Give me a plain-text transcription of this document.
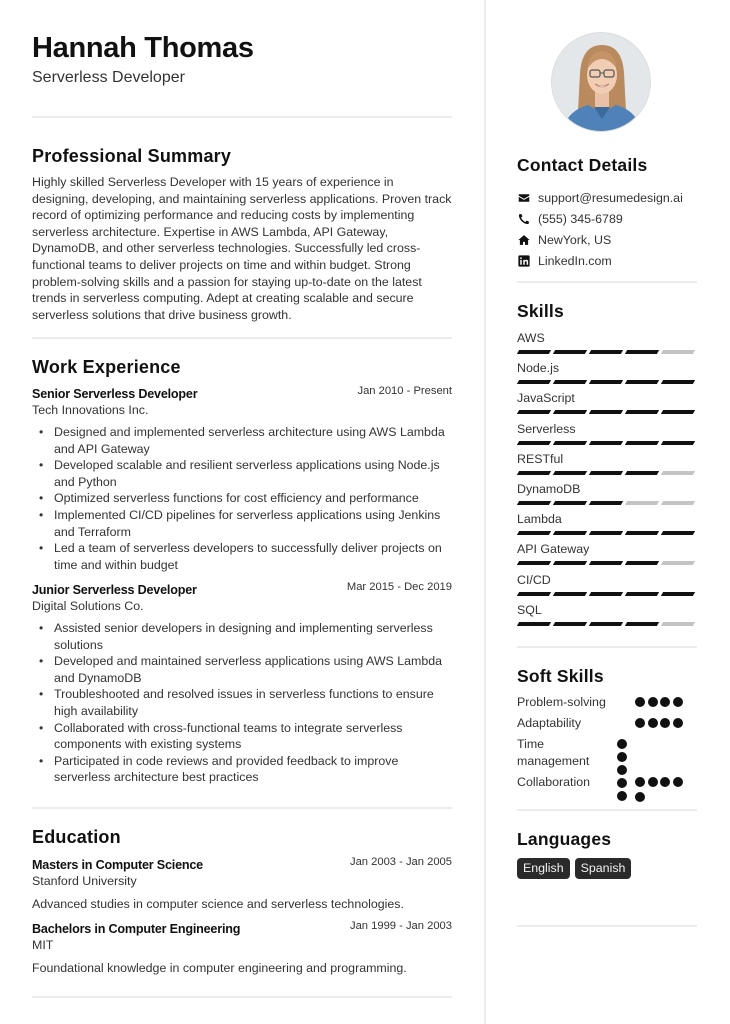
Hannah Thomas
Serverless Developer
Professional Summary
Highly skilled Serverless Developer with 15 years of experience in designing, developing, and maintaining serverless applications. Proven track record of optimizing performance and reducing costs by implementing serverless architecture. Expertise in AWS Lambda, API Gateway, DynamoDB, and other serverless technologies. Successfully led cross-functional teams to deliver projects on time and within budget. Strong problem-solving skills and a passion for staying up-to-date on the latest trends in serverless computing. Adept at creating scalable and secure serverless solutions that drive business growth.
Work Experience
Senior Serverless Developer	Jan 2010 - Present
Tech Innovations Inc.
• Designed and implemented serverless architecture using AWS Lambda and API Gateway
• Developed scalable and resilient serverless applications using Node.js and Python
• Optimized serverless functions for cost efficiency and performance
• Implemented CI/CD pipelines for serverless applications using Jenkins and Terraform
• Led a team of serverless developers to successfully deliver projects on time and within budget
Junior Serverless Developer	Mar 2015 - Dec 2019
Digital Solutions Co.
• Assisted senior developers in designing and implementing serverless solutions
• Developed and maintained serverless applications using AWS Lambda and DynamoDB
• Troubleshooted and resolved issues in serverless functions to ensure high availability
• Collaborated with cross-functional teams to integrate serverless components with existing systems
• Participated in code reviews and provided feedback to improve serverless architecture best practices
Education
Masters in Computer Science	Jan 2003 - Jan 2005
Stanford University
Advanced studies in computer science and serverless technologies.
Bachelors in Computer Engineering	Jan 1999 - Jan 2003
MIT
Foundational knowledge in computer engineering and programming.
Contact Details
support@resumedesign.ai
(555) 345-6789
NewYork, US
LinkedIn.com
Skills
AWS
Node.js
JavaScript
Serverless
RESTful
DynamoDB
Lambda
API Gateway
CI/CD
SQL
Soft Skills
Problem-solving
Adaptability
Time management
Collaboration
Languages
English	Spanish
